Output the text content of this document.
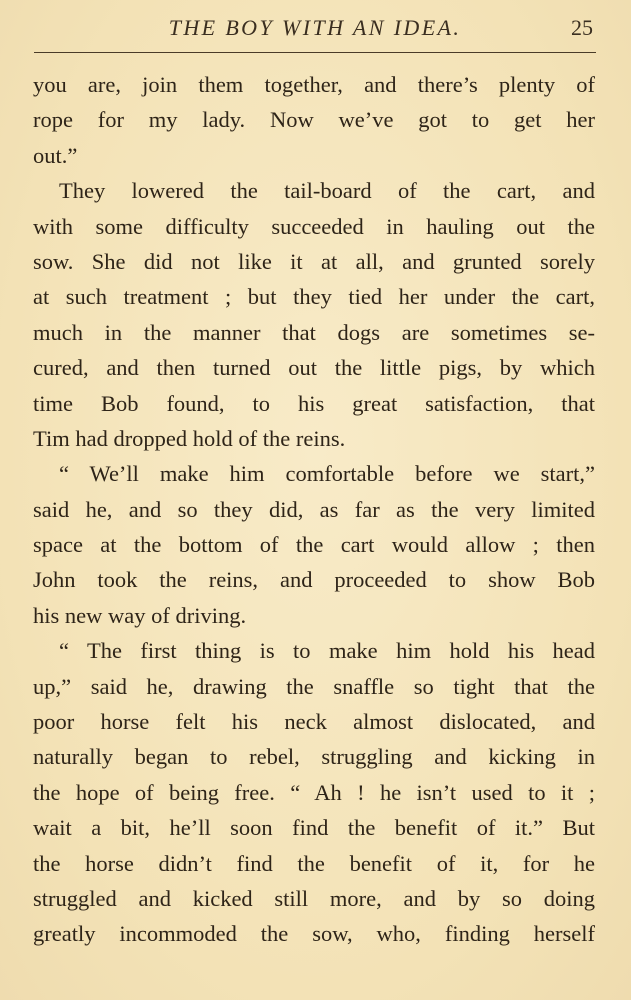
THE BOY WITH AN IDEA.	25
you are, join them together, and there’s plenty of
rope for my lady. Now we’ve got to get her
out.”
They lowered the tail-board of the cart, and
with some difficulty succeeded in hauling out the
sow. She did not like it at all, and grunted sorely
at such treatment ; but they tied her under the cart,
much in the manner that dogs are sometimes se-
cured, and then turned out the little pigs, by which
time Bob found, to his great satisfaction, that
Tim had dropped hold of the reins.
“ We’ll make him comfortable before we start,”
said he, and so they did, as far as the very limited
space at the bottom of the cart would allow ; then
John took the reins, and proceeded to show Bob
his new way of driving.
“ The first thing is to make him hold his head
up,” said he, drawing the snaffle so tight that the
poor horse felt his neck almost dislocated, and
naturally began to rebel, struggling and kicking in
the hope of being free. “ Ah ! he isn’t used to it ;
wait a bit, he’ll soon find the benefit of it.” But
the horse didn’t find the benefit of it, for he
struggled and kicked still more, and by so doing
greatly incommoded the sow, who, finding herself
